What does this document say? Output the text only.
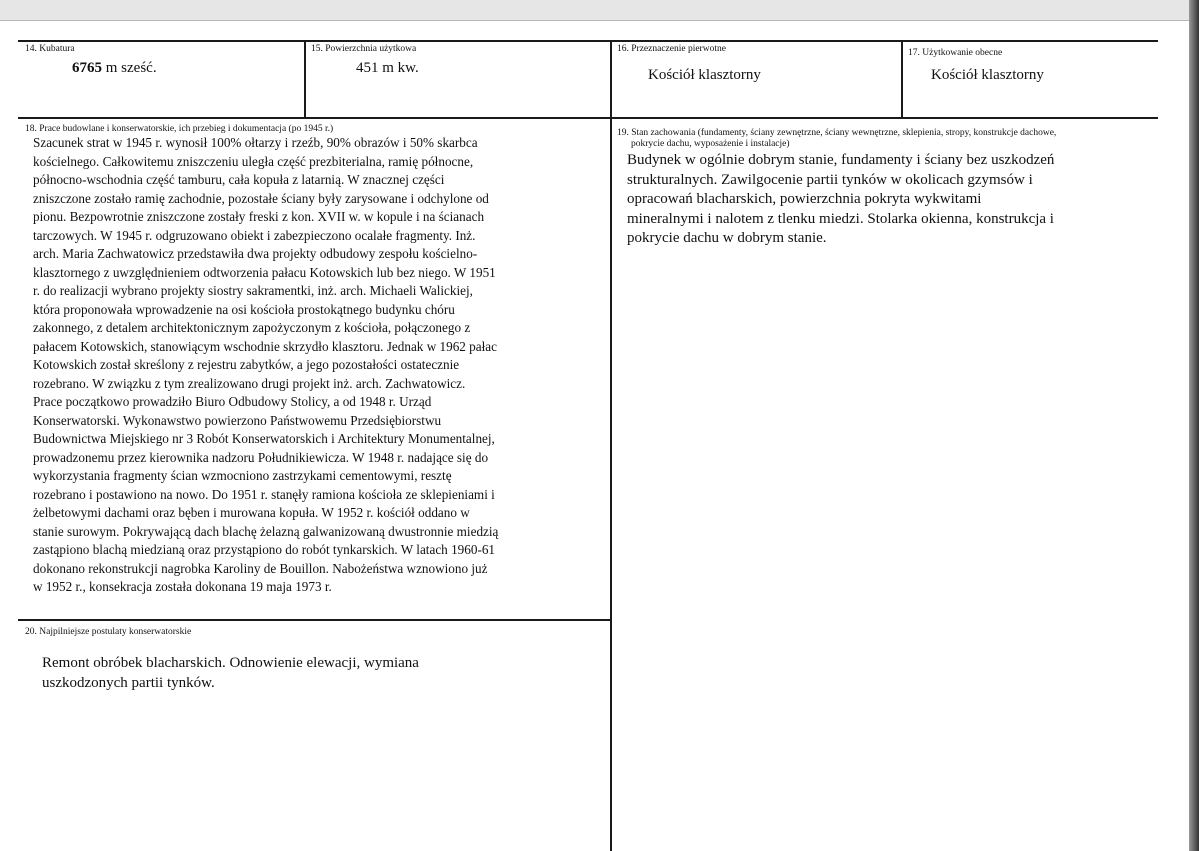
14. Kubatura
6765 m sześć.
15. Powierzchnia użytkowa
451 m kw.
16. Przeznaczenie pierwotne
Kościół klasztorny
17. Użytkowanie obecne
Kościół klasztorny
18. Prace budowlane i konserwatorskie, ich przebieg i dokumentacja (po 1945 r.)
Szacunek strat w 1945 r. wynosił 100% ołtarzy i rzeźb, 90% obrazów i 50% skarbca
kościelnego. Całkowitemu zniszczeniu uległa część prezbiterialna, ramię północne,
północno-wschodnia część tamburu, cała kopuła z latarnią. W znacznej części
zniszczone zostało ramię zachodnie, pozostałe ściany były zarysowane i odchylone od
pionu. Bezpowrotnie zniszczone zostały freski z kon. XVII w. w kopule i na ścianach
tarczowych. W 1945 r. odgruzowano obiekt i zabezpieczono ocalałe fragmenty. Inż.
arch. Maria Zachwatowicz przedstawiła dwa projekty odbudowy zespołu kościelno-
klasztornego z uwzględnieniem odtworzenia pałacu Kotowskich lub bez niego. W 1951
r. do realizacji wybrano projekty siostry sakramentki, inż. arch. Michaeli Walickiej,
która proponowała wprowadzenie na osi kościoła prostokątnego budynku chóru
zakonnego, z detalem architektonicznym zapożyczonym z kościoła, połączonego z
pałacem Kotowskich, stanowiącym wschodnie skrzydło klasztoru. Jednak w 1962 pałac
Kotowskich został skreślony z rejestru zabytków, a jego pozostałości ostatecznie
rozebrano. W związku z tym zrealizowano drugi projekt inż. arch. Zachwatowicz.
Prace początkowo prowadziło Biuro Odbudowy Stolicy, a od 1948 r. Urząd
Konserwatorski. Wykonawstwo powierzono Państwowemu Przedsiębiorstwu
Budownictwa Miejskiego nr 3 Robót Konserwatorskich i Architektury Monumentalnej,
prowadzonemu przez kierownika nadzoru Południkiewicza. W 1948 r. nadające się do
wykorzystania fragmenty ścian wzmocniono zastrzykami cementowymi, resztę
rozebrano i postawiono na nowo. Do 1951 r. stanęły ramiona kościoła ze sklepieniami i
żelbetowymi dachami oraz bęben i murowana kopuła. W 1952 r. kościół oddano w
stanie surowym. Pokrywającą dach blachę żelazną galwanizowaną dwustronnie miedzią
zastąpiono blachą miedzianą oraz przystąpiono do robót tynkarskich. W latach 1960-61
dokonano rekonstrukcji nagrobka Karoliny de Bouillon. Nabożeństwa wznowiono już
w 1952 r., konsekracja została dokonana 19 maja 1973 r.
19. Stan zachowania (fundamenty, ściany zewnętrzne, ściany wewnętrzne, sklepienia, stropy, konstrukcje dachowe,
pokrycie dachu, wyposażenie i instalacje)
Budynek w ogólnie dobrym stanie, fundamenty i ściany bez uszkodzeń
strukturalnych. Zawilgocenie partii tynków w okolicach gzymsów i
opracowań blacharskich, powierzchnia pokryta wykwitami
mineralnymi i nalotem z tlenku miedzi. Stolarka okienna, konstrukcja i
pokrycie dachu w dobrym stanie.
20. Najpilniejsze postulaty konserwatorskie
Remont obróbek blacharskich. Odnowienie elewacji, wymiana
uszkodzonych partii tynków.
